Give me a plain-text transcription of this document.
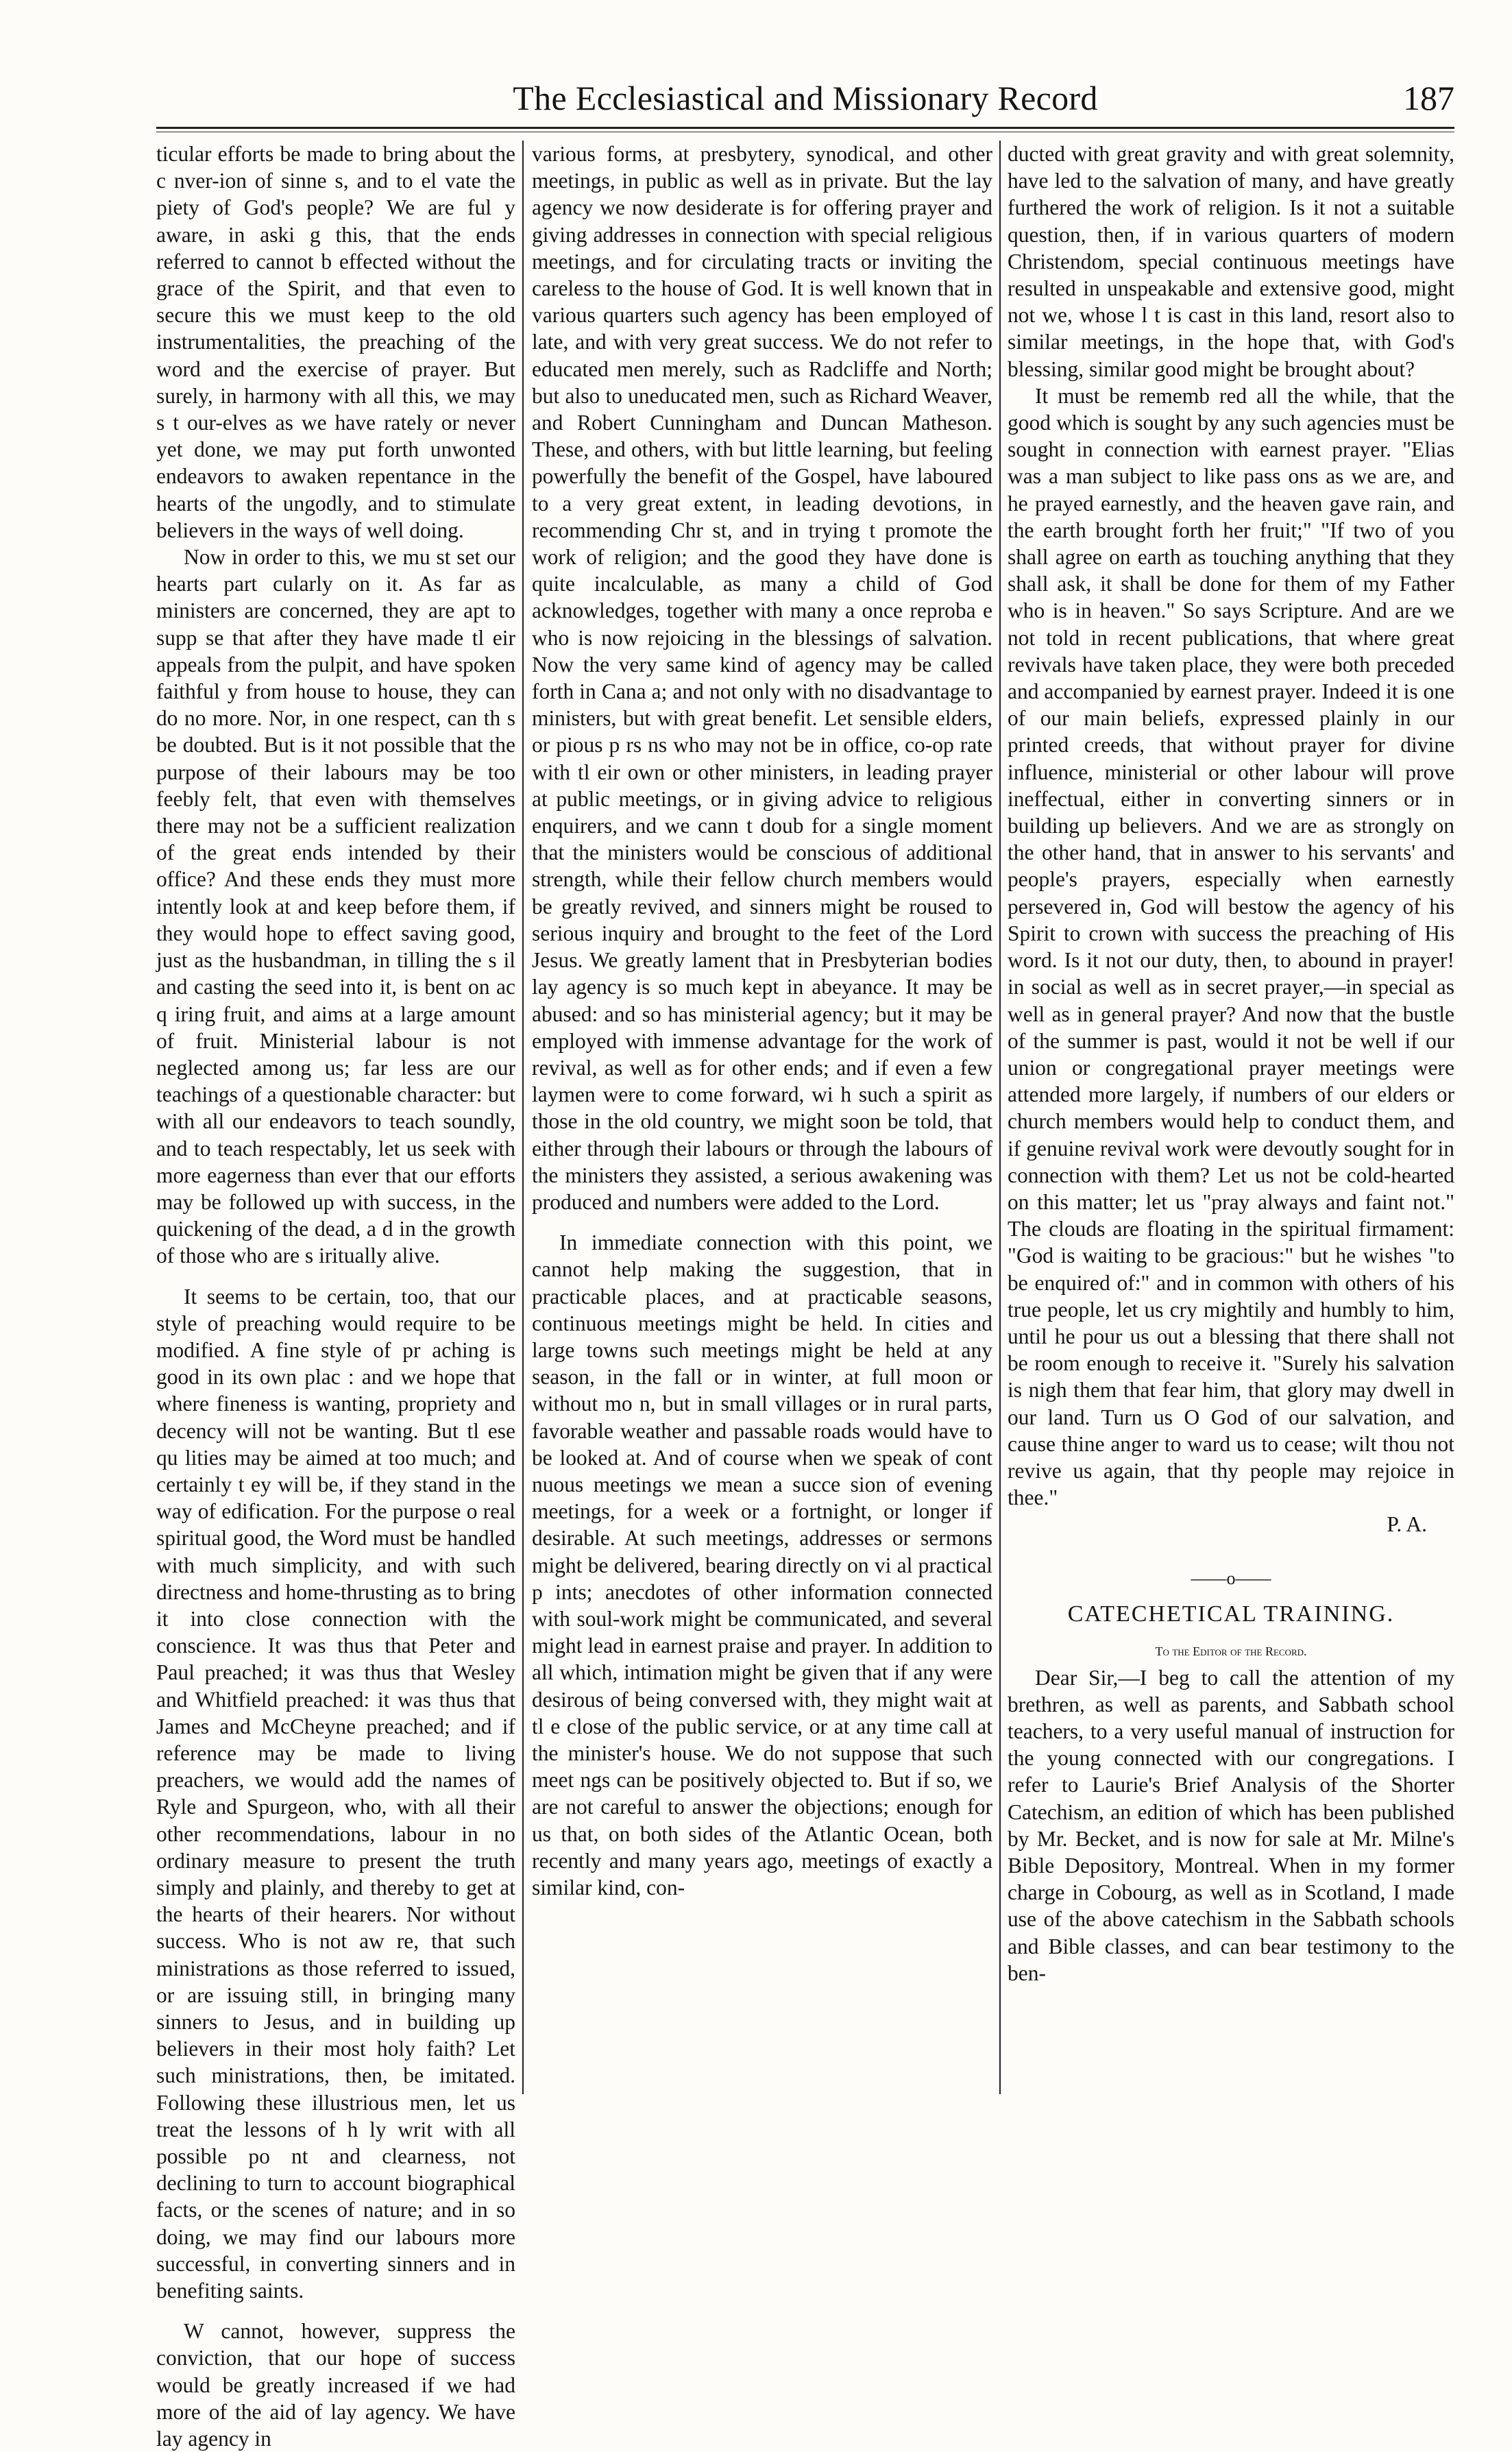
The Ecclesiastical and Missionary Record	187

ticular efforts be made to bring about the c nver-ion of sinne s, and to el vate the piety of God's people? We are ful y aware, in aski g this, that the ends referred to cannot b effected without the grace of the Spirit, and that even to secure this we must keep to the old instrumentalities, the preaching of the word and the exercise of prayer. But surely, in harmony with all this, we may s t our-elves as we have rately or never yet done, we may put forth unwonted endeavors to awaken repentance in the hearts of the ungodly, and to stimulate believers in the ways of well doing.

Now in order to this, we mu st set our hearts part cularly on it. As far as ministers are concerned, they are apt to supp se that after they have made tl eir appeals from the pulpit, and have spoken faithful y from house to house, they can do no more. Nor, in one respect, can th s be doubted. But is it not possible that the purpose of their labours may be too feebly felt, that even with themselves there may not be a sufficient realization of the great ends intended by their office? And these ends they must more intently look at and keep before them, if they would hope to effect saving good, just as the husbandman, in tilling the s il and casting the seed into it, is bent on ac q iring fruit, and aims at a large amount of fruit. Ministerial labour is not neglected among us; far less are our teachings of a questionable character: but with all our endeavors to teach soundly, and to teach respectably, let us seek with more eagerness than ever that our efforts may be followed up with success, in the quickening of the dead, a d in the growth of those who are s iritually alive.

It seems to be certain, too, that our style of preaching would require to be modified. A fine style of pr aching is good in its own plac : and we hope that where fineness is wanting, propriety and decency will not be wanting. But tl ese qu lities may be aimed at too much; and certainly t ey will be, if they stand in the way of edification. For the purpose o real spiritual good, the Word must be handled with much simplicity, and with such directness and home-thrusting as to bring it into close connection with the conscience. It was thus that Peter and Paul preached; it was thus that Wesley and Whitfield preached: it was thus that James and McCheyne preached; and if reference may be made to living preachers, we would add the names of Ryle and Spurgeon, who, with all their other recommendations, labour in no ordinary measure to present the truth simply and plainly, and thereby to get at the hearts of their hearers. Nor without success. Who is not aw re, that such ministrations as those referred to issued, or are issuing still, in bringing many sinners to Jesus, and in building up believers in their most holy faith? Let such ministrations, then, be imitated. Following these illustrious men, let us treat the lessons of h ly writ with all possible po nt and clearness, not declining to turn to account biographical facts, or the scenes of nature; and in so doing, we may find our labours more successful, in converting sinners and in benefiting saints.

W cannot, however, suppress the conviction, that our hope of success would be greatly increased if we had more of the aid of lay agency. We have lay agency in

various forms, at presbytery, synodical, and other meetings, in public as well as in private. But the lay agency we now desiderate is for offering prayer and giving addresses in connection with special religious meetings, and for circulating tracts or inviting the careless to the house of God. It is well known that in various quarters such agency has been employed of late, and with very great success. We do not refer to educated men merely, such as Radcliffe and North; but also to uneducated men, such as Richard Weaver, and Robert Cunningham and Duncan Matheson. These, and others, with but little learning, but feeling powerfully the benefit of the Gospel, have laboured to a very great extent, in leading devotions, in recommending Chr st, and in trying t promote the work of religion; and the good they have done is quite incalculable, as many a child of God acknowledges, together with many a once reproba e who is now rejoicing in the blessings of salvation. Now the very same kind of agency may be called forth in Cana a; and not only with no disadvantage to ministers, but with great benefit. Let sensible elders, or pious p rs ns who may not be in office, co-op rate with tl eir own or other ministers, in leading prayer at public meetings, or in giving advice to religious enquirers, and we cann t doub for a single moment that the ministers would be conscious of additional strength, while their fellow church members would be greatly revived, and sinners might be roused to serious inquiry and brought to the feet of the Lord Jesus. We greatly lament that in Presbyterian bodies lay agency is so much kept in abeyance. It may be abused: and so has ministerial agency; but it may be employed with immense advantage for the work of revival, as well as for other ends; and if even a few laymen were to come forward, wi h such a spirit as those in the old country, we might soon be told, that either through their labours or through the labours of the ministers they assisted, a serious awakening was produced and numbers were added to the Lord.

In immediate connection with this point, we cannot help making the suggestion, that in practicable places, and at practicable seasons, continuous meetings might be held. In cities and large towns such meetings might be held at any season, in the fall or in winter, at full moon or without mo n, but in small villages or in rural parts, favorable weather and passable roads would have to be looked at. And of course when we speak of cont nuous meetings we mean a succe sion of evening meetings, for a week or a fortnight, or longer if desirable. At such meetings, addresses or sermons might be delivered, bearing directly on vi al practical p ints; anecdotes of other information connected with soul-work might be communicated, and several might lead in earnest praise and prayer. In addition to all which, intimation might be given that if any were desirous of being conversed with, they might wait at tl e close of the public service, or at any time call at the minister's house. We do not suppose that such meet ngs can be positively objected to. But if so, we are not careful to answer the objections; enough for us that, on both sides of the Atlantic Ocean, both recently and many years ago, meetings of exactly a similar kind, con-

ducted with great gravity and with great solemnity, have led to the salvation of many, and have greatly furthered the work of religion. Is it not a suitable question, then, if in various quarters of modern Christendom, special continuous meetings have resulted in unspeakable and extensive good, might not we, whose l t is cast in this land, resort also to similar meetings, in the hope that, with God's blessing, similar good might be brought about?

It must be rememb red all the while, that the good which is sought by any such agencies must be sought in connection with earnest prayer. "Elias was a man subject to like pass ons as we are, and he prayed earnestly, and the heaven gave rain, and the earth brought forth her fruit;" "If two of you shall agree on earth as touching anything that they shall ask, it shall be done for them of my Father who is in heaven." So says Scripture. And are we not told in recent publications, that where great revivals have taken place, they were both preceded and accompanied by earnest prayer. Indeed it is one of our main beliefs, expressed plainly in our printed creeds, that without prayer for divine influence, ministerial or other labour will prove ineffectual, either in converting sinners or in building up believers. And we are as strongly on the other hand, that in answer to his servants' and people's prayers, especially when earnestly persevered in, God will bestow the agency of his Spirit to crown with success the preaching of His word. Is it not our duty, then, to abound in prayer! in social as well as in secret prayer,—in special as well as in general prayer? And now that the bustle of the summer is past, would it not be well if our union or congregational prayer meetings were attended more largely, if numbers of our elders or church members would help to conduct them, and if genuine revival work were devoutly sought for in connection with them? Let us not be cold-hearted on this matter; let us "pray always and faint not." The clouds are floating in the spiritual firmament: "God is waiting to be gracious:" but he wishes "to be enquired of:" and in common with others of his true people, let us cry mightily and humbly to him, until he pour us out a blessing that there shall not be room enough to receive it. "Surely his salvation is nigh them that fear him, that glory may dwell in our land. Turn us O God of our salvation, and cause thine anger to ward us to cease; wilt thou not revive us again, that thy people may rejoice in thee."

P. A.

——o——
CATECHETICAL TRAINING.
To the Editor of the Record.

Dear Sir,—I beg to call the attention of my brethren, as well as parents, and Sabbath school teachers, to a very useful manual of instruction for the young connected with our congregations. I refer to Laurie's Brief Analysis of the Shorter Catechism, an edition of which has been published by Mr. Becket, and is now for sale at Mr. Milne's Bible Depository, Montreal. When in my former charge in Cobourg, as well as in Scotland, I made use of the above catechism in the Sabbath schools and Bible classes, and can bear testimony to the ben-
